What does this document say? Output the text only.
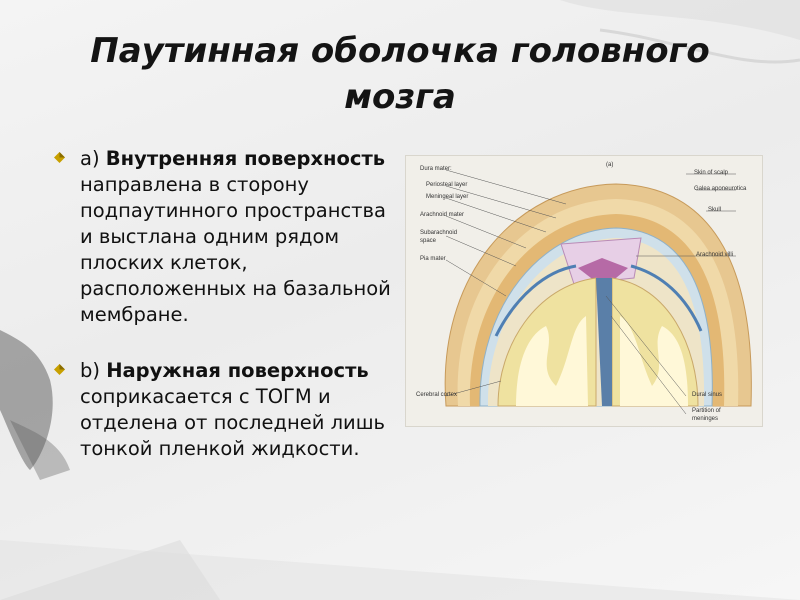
Паутинная оболочка головного мозга
a) Внутренняя поверхность направлена в сторону подпаутинного пространства и выстлана одним рядом плоских клеток, расположенных на базальной мембране.
b) Наружная поверхность соприкасается с ТОГМ и отделена от последней лишь тонкой пленкой жидкости.
(a)
Dura mater:
Periosteal layer
Meningeal layer
Arachnoid mater
Subarachnoid
space
Pia mater
Cerebral cortex
Skin of scalp
Galea aponeurotica
Skull
Arachnoid villi
Dural sinus
Partition of
meninges
